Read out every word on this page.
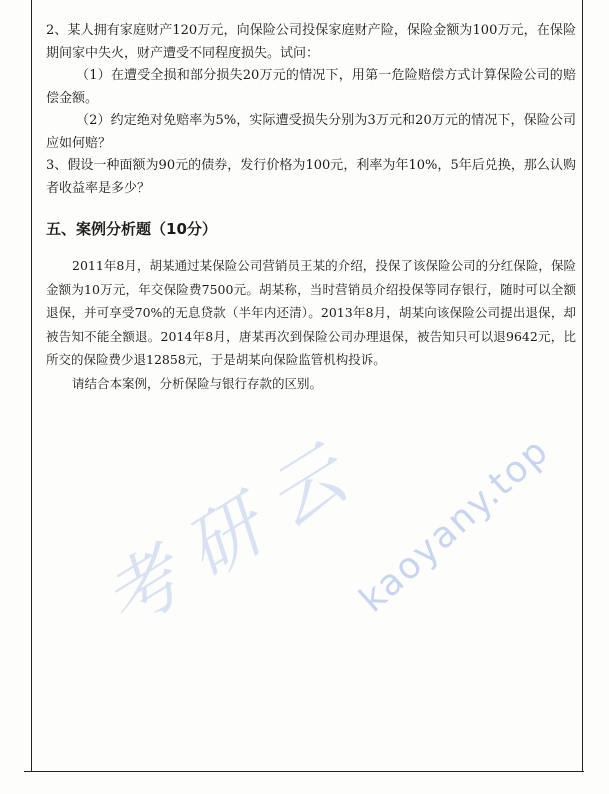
2、某人拥有家庭财产120万元，向保险公司投保家庭财产险，保险金额为100万元，在保险期间家中失火，财产遭受不同程度损失。试问：

（1）在遭受全损和部分损失20万元的情况下，用第一危险赔偿方式计算保险公司的赔偿金额。

（2）约定绝对免赔率为5%，实际遭受损失分别为3万元和20万元的情况下，保险公司应如何赔？

3、假设一种面额为90元的债券，发行价格为100元，利率为年10%，5年后兑换，那么认购者收益率是多少？

五、案例分析题（10分）

2011年8月，胡某通过某保险公司营销员王某的介绍，投保了该保险公司的分红保险，保险金额为10万元，年交保险费7500元。胡某称，当时营销员介绍投保等同存银行，随时可以全额退保，并可享受70%的无息贷款（半年内还清）。2013年8月，胡某向该保险公司提出退保，却被告知不能全额退。2014年8月，唐某再次到保险公司办理退保，被告知只可以退9642元，比所交的保险费少退12858元，于是胡某向保险监管机构投诉。

请结合本案例，分析保险与银行存款的区别。

考研云
kaoyany.top
